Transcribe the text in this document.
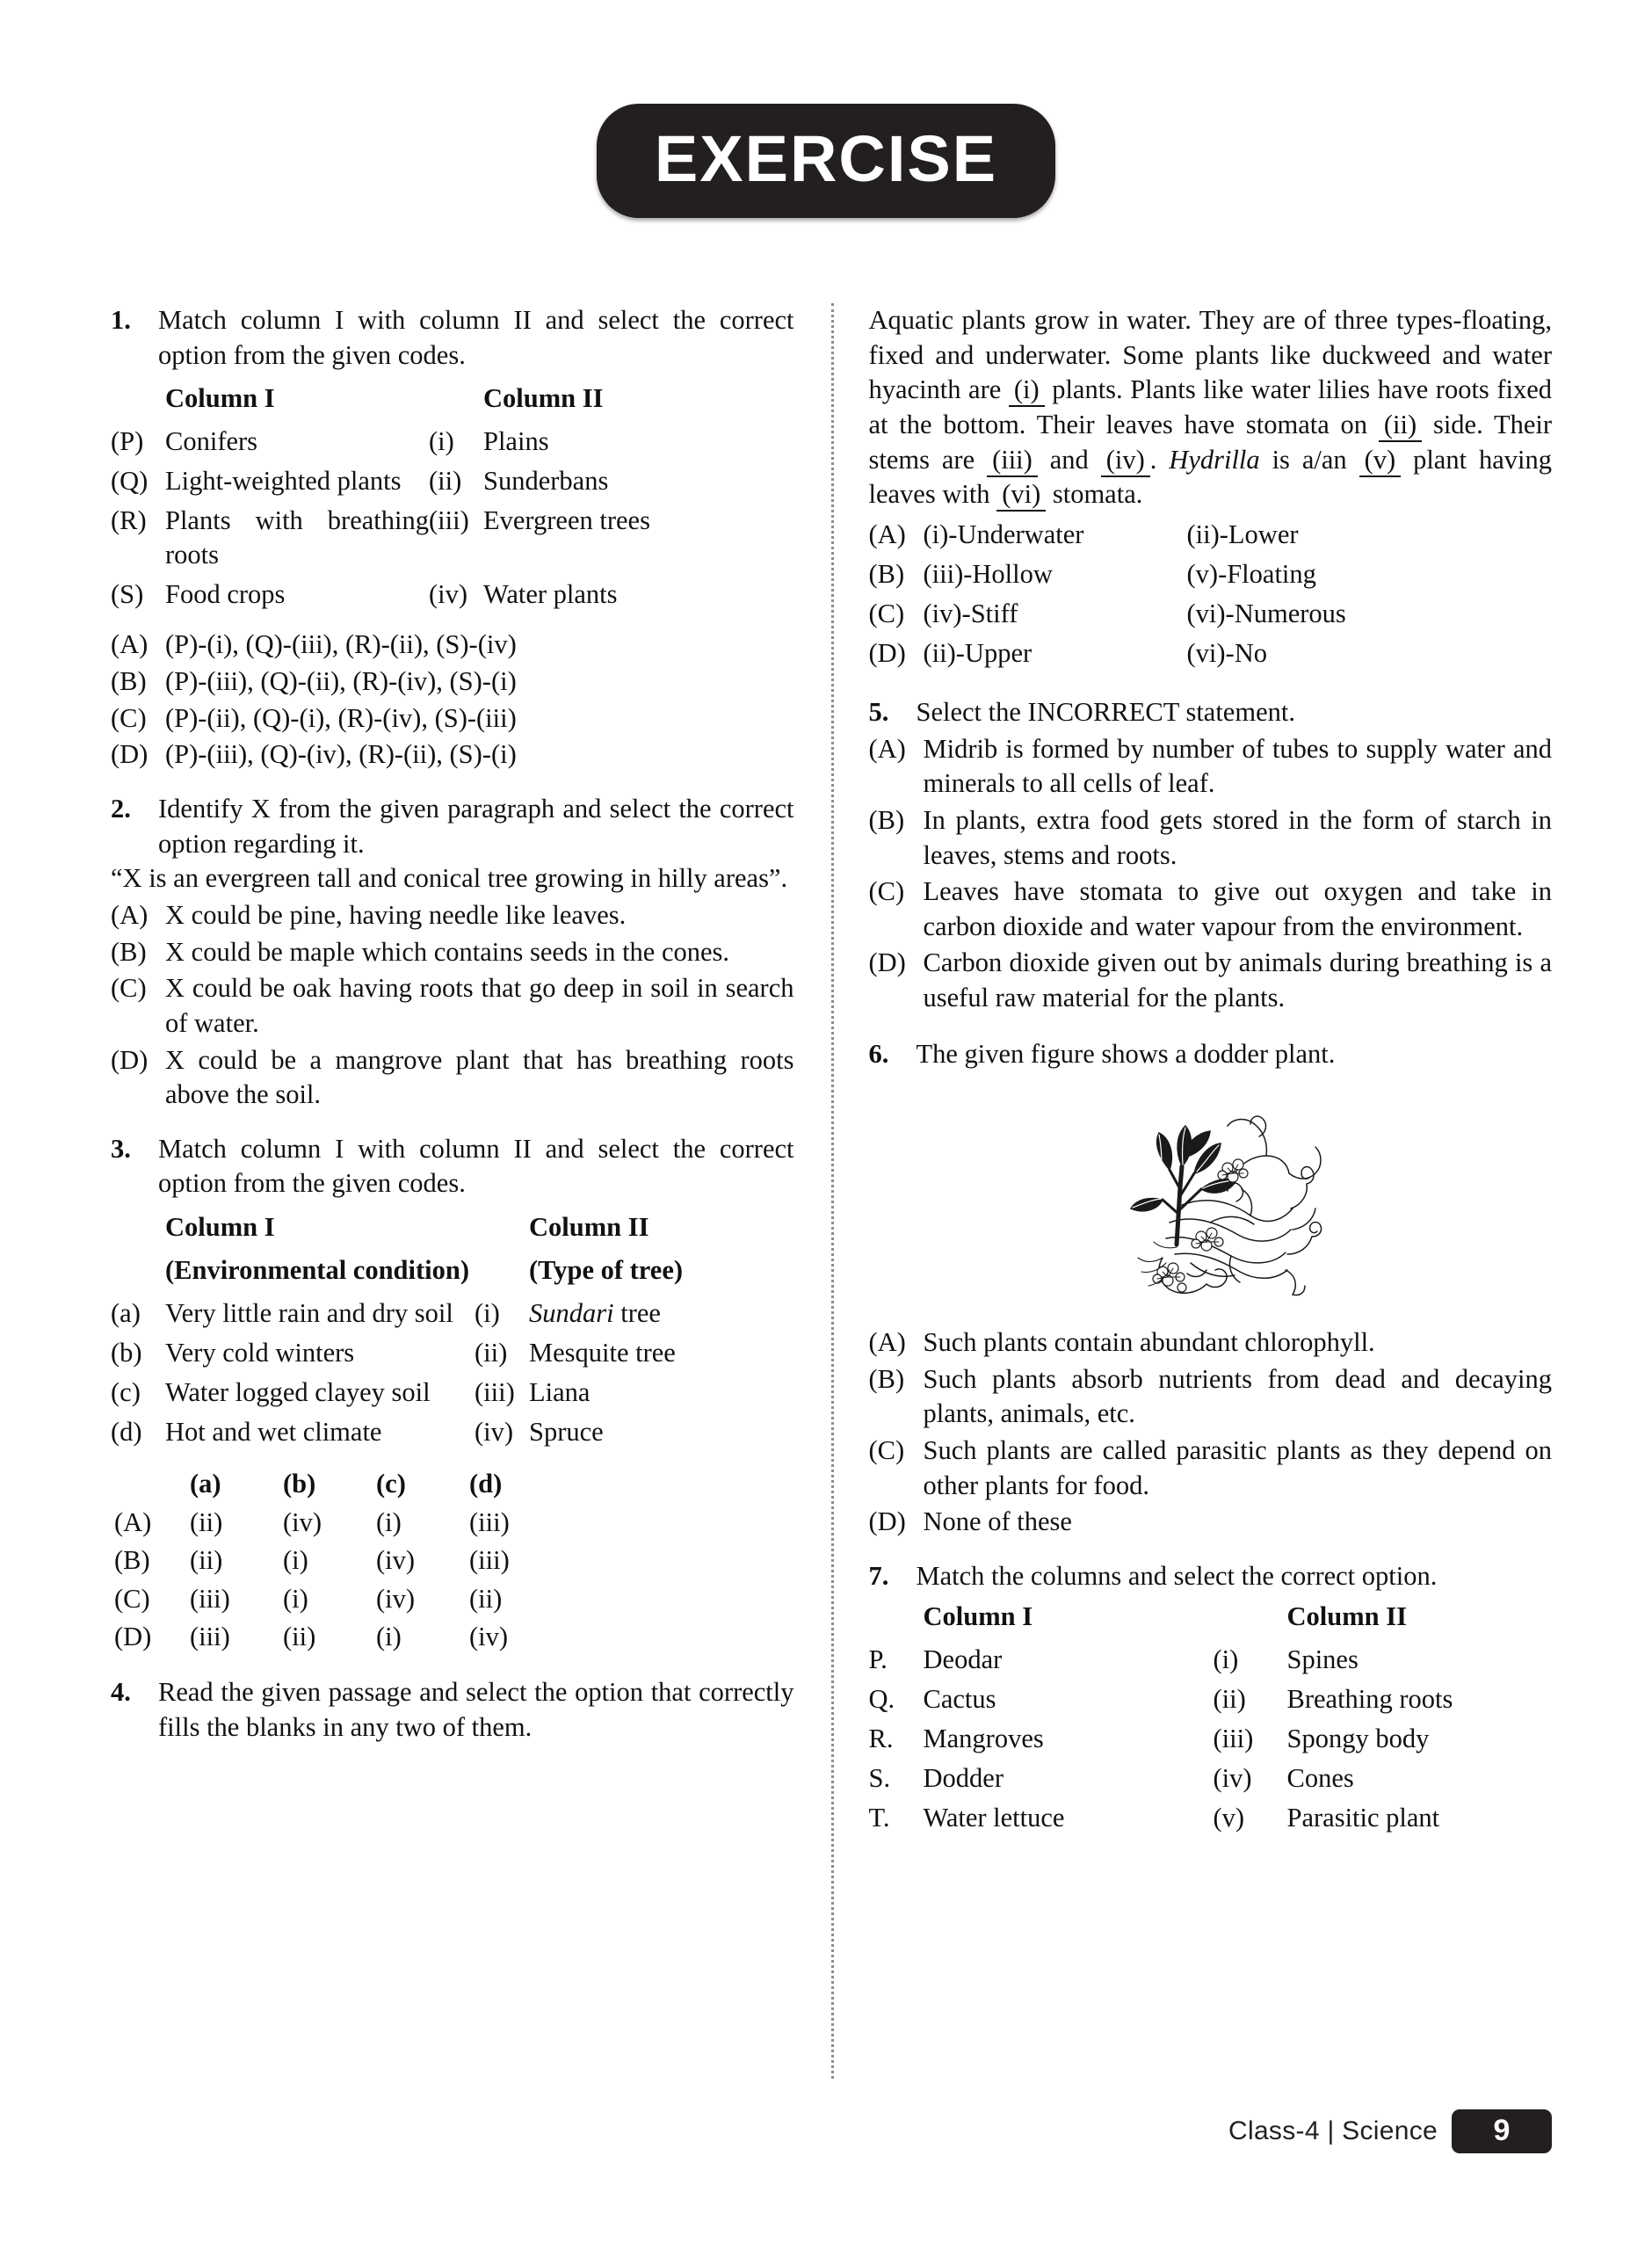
EXERCISE
1.	Match column I with column II and select the correct option from the given codes.
	Column I		Column II
(P)	Conifers	(i)	Plains
(Q)	Light-weighted plants	(ii)	Sunderbans
(R)	Plants with breathing roots	(iii)	Evergreen trees
(S)	Food crops	(iv)	Water plants
(A) (P)-(i), (Q)-(iii), (R)-(ii), (S)-(iv)
(B) (P)-(iii), (Q)-(ii), (R)-(iv), (S)-(i)
(C) (P)-(ii), (Q)-(i), (R)-(iv), (S)-(iii)
(D) (P)-(iii), (Q)-(iv), (R)-(ii), (S)-(i)
2.	Identify X from the given paragraph and select the correct option regarding it.
“X is an evergreen tall and conical tree growing in hilly areas”.
(A) X could be pine, having needle like leaves.
(B) X could be maple which contains seeds in the cones.
(C) X could be oak having roots that go deep in soil in search of water.
(D) X could be a mangrove plant that has breathing roots above the soil.
3.	Match column I with column II and select the correct option from the given codes.
	Column I		Column II
	(Environmental condition)		(Type of tree)
(a)	Very little rain and dry soil	(i)	Sundari tree
(b)	Very cold winters	(ii)	Mesquite tree
(c)	Water logged clayey soil	(iii)	Liana
(d)	Hot and wet climate	(iv)	Spruce
	(a)	(b)	(c)	(d)
(A)	(ii)	(iv)	(i)	(iii)
(B)	(ii)	(i)	(iv)	(iii)
(C)	(iii)	(i)	(iv)	(ii)
(D)	(iii)	(ii)	(i)	(iv)
4.	Read the given passage and select the option that correctly fills the blanks in any two of them.
Aquatic plants grow in water. They are of three types-floating, fixed and underwater. Some plants like duckweed and water hyacinth are (i) plants. Plants like water lilies have roots fixed at the bottom. Their leaves have stomata on (ii) side. Their stems are (iii) and (iv) . Hydrilla is a/an (v) plant having leaves with (vi) stomata.
(A)	(i)-Underwater	(ii)-Lower
(B)	(iii)-Hollow	(v)-Floating
(C)	(iv)-Stiff	(vi)-Numerous
(D)	(ii)-Upper	(vi)-No
5.	Select the INCORRECT statement.
(A) Midrib is formed by number of tubes to supply water and minerals to all cells of leaf.
(B) In plants, extra food gets stored in the form of starch in leaves, stems and roots.
(C) Leaves have stomata to give out oxygen and take in carbon dioxide and water vapour from the environment.
(D) Carbon dioxide given out by animals during breathing is a useful raw material for the plants.
6.	The given figure shows a dodder plant.
(A) Such plants contain abundant chlorophyll.
(B) Such plants absorb nutrients from dead and decaying plants, animals, etc.
(C) Such plants are called parasitic plants as they depend on other plants for food.
(D) None of these
7.	Match the columns and select the correct option.
	Column I		Column II
P.	Deodar	(i)	Spines
Q.	Cactus	(ii)	Breathing roots
R.	Mangroves	(iii)	Spongy body
S.	Dodder	(iv)	Cones
T.	Water lettuce	(v)	Parasitic plant
Class-4 | Science	9
